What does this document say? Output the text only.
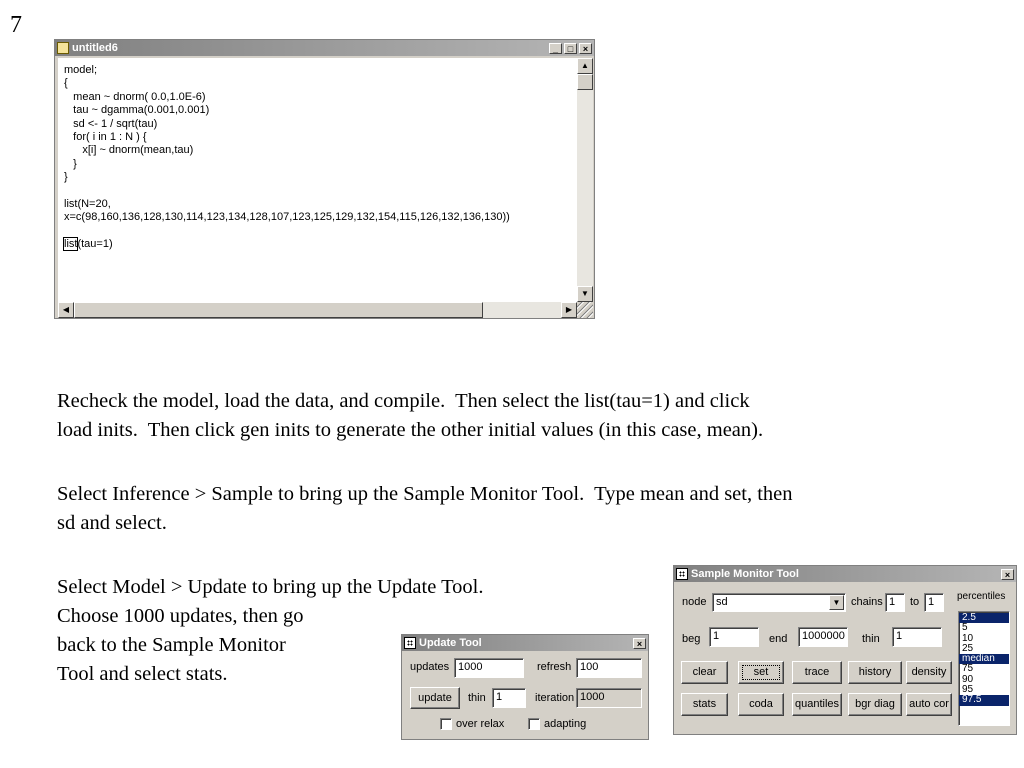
7
untitled6	_	□	×
model;
{
mean ~ dnorm( 0.0,1.0E-6)
tau ~ dgamma(0.001,0.001)
sd <- 1 / sqrt(tau)
for( i in 1 : N ) {
x[i] ~ dnorm(mean,tau)
}
}

list(N=20,
x=c(98,160,136,128,130,114,123,134,128,107,123,125,129,132,154,115,126,132,136,130))

list(tau=1)
▲
▼
◀	▶
Recheck the model, load the data, and compile.  Then select the list(tau=1) and click
load inits.  Then click gen inits to generate the other initial values (in this case, mean).
Select Inference > Sample to bring up the Sample Monitor Tool.  Type mean and set, then
sd and select.
Select Model > Update to bring up the Update Tool.
Choose 1000 updates, then go
back to the Sample Monitor
Tool and select stats.
Update Tool	×
updates 1000	refresh 100
update	thin 1	iteration 1000
over relax	adapting
Sample Monitor Tool	×
node sd	▼ chains 1	to 1	percentiles
beg	1	end	1000000 thin	1
2.5
5
10
25
median
75
90
95
97.5
clear	set	trace	history	density
stats	coda	quantiles	bgr diag	auto cor
